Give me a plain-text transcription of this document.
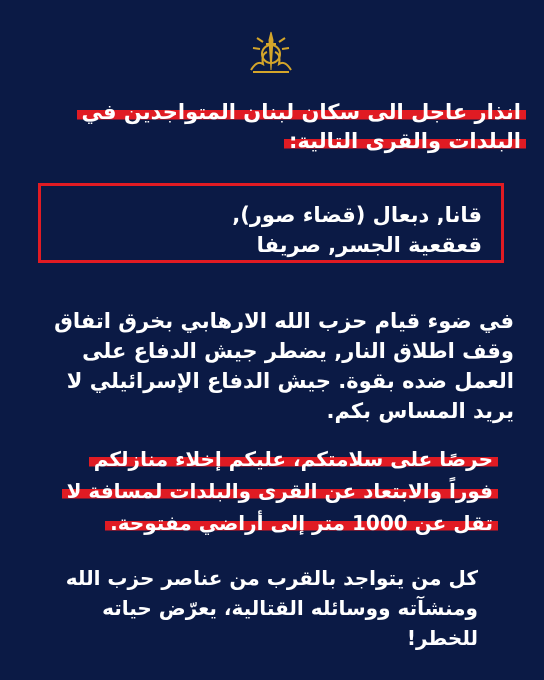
انذار عاجل الى سكان لبنان المتواجدين في
البلدات والقرى التالية:
قانا, دبعال (قضاء صور),
قعقعية الجسر, صريفا
في ضوء قيام حزب الله الارهابي بخرق اتفاق
وقف اطلاق النار, يضطر جيش الدفاع على
العمل ضده بقوة. جيش الدفاع الإسرائيلي لا
يريد المساس بكم.
حرصًا على سلامتكم، عليكم إخلاء منازلكم
فوراً والابتعاد عن القرى والبلدات لمسافة لا
تقل عن 1000 متر إلى أراضي مفتوحة.
كل من يتواجد بالقرب من عناصر حزب الله
ومنشآته ووسائله القتالية، يعرّض حياته
للخطر!
